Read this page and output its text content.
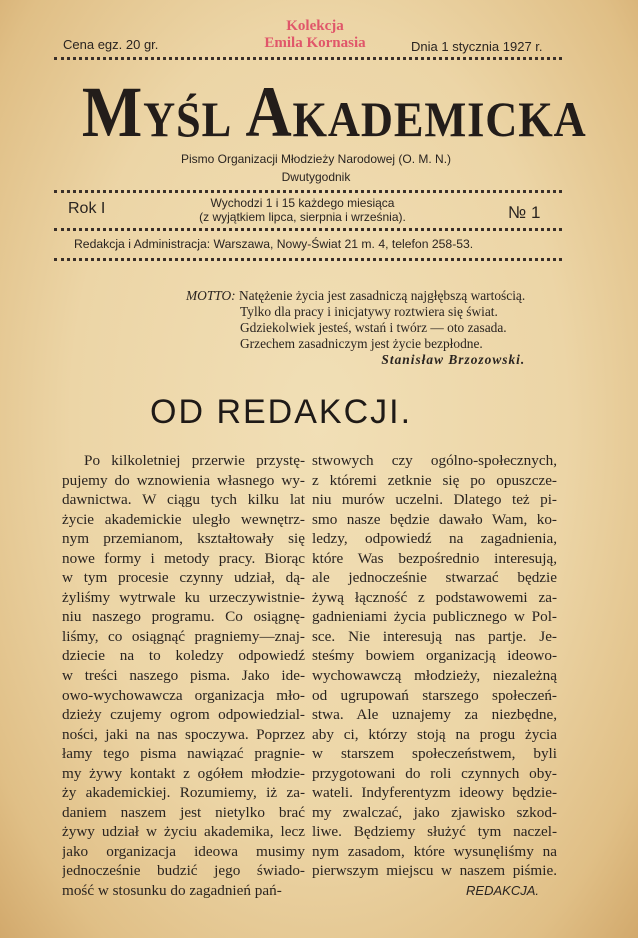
Kolekcja
Emila Kornasia
Cena egz. 20 gr.	Dnia 1 stycznia 1927 r.
Myśl Akademicka
Pismo Organizacji Młodzieży Narodowej (O. M. N.)
Dwutygodnik
Rok I	Wychodzi 1 i 15 każdego miesiąca
(z wyjątkiem lipca, sierpnia i września).	№ 1
Redakcja i Administracja: Warszawa, Nowy-Świat 21 m. 4, telefon 258-53.
MOTTO: Natężenie życia jest zasadniczą najgłębszą wartością.
Tylko dla pracy i inicjatywy roztwiera się świat.
Gdziekolwiek jesteś, wstań i twórz — oto zasada.
Grzechem zasadniczym jest życie bezpłodne.
Stanisław Brzozowski.
OD REDAKCJI.
Po kilkoletniej przerwie przystę-
pujemy do wznowienia własnego wy-
dawnictwa. W ciągu tych kilku lat
życie akademickie uległo wewnętrz-
nym przemianom, kształtowały się
nowe formy i metody pracy. Biorąc
w tym procesie czynny udział, dą-
żyliśmy wytrwale ku urzeczywistnie-
niu naszego programu. Co osiągnę-
liśmy, co osiągnąć pragniemy—znaj-
dziecie na to koledzy odpowiedź
w treści naszego pisma. Jako ide-
owo-wychowawcza organizacja mło-
dzieży czujemy ogrom odpowiedzial-
ności, jaki na nas spoczywa. Poprzez
łamy tego pisma nawiązać pragnie-
my żywy kontakt z ogółem młodzie-
ży akademickiej. Rozumiemy, iż za-
daniem naszem jest nietylko brać
żywy udział w życiu akademika, lecz
jako organizacja ideowa musimy
jednocześnie budzić jego świado-
mość w stosunku do zagadnień pań-
stwowych czy ogólno-społecznych,
z któremi zetknie się po opuszcze-
niu murów uczelni. Dlatego też pi-
smo nasze będzie dawało Wam, ko-
ledzy, odpowiedź na zagadnienia,
które Was bezpośrednio interesują,
ale jednocześnie stwarzać będzie
żywą łączność z podstawowemi za-
gadnieniami życia publicznego w Pol-
sce. Nie interesują nas partje. Je-
steśmy bowiem organizacją ideowo-
wychowawczą młodzieży, niezależną
od ugrupowań starszego społeczeń-
stwa. Ale uznajemy za niezbędne,
aby ci, którzy stoją na progu życia
w starszem społeczeństwem, byli
przygotowani do roli czynnych oby-
wateli. Indyferentyzm ideowy będzie-
my zwalczać, jako zjawisko szkod-
liwe. Będziemy służyć tym naczel-
nym zasadom, które wysunęliśmy na
pierwszym miejscu w naszem piśmie.
REDAKCJA.
